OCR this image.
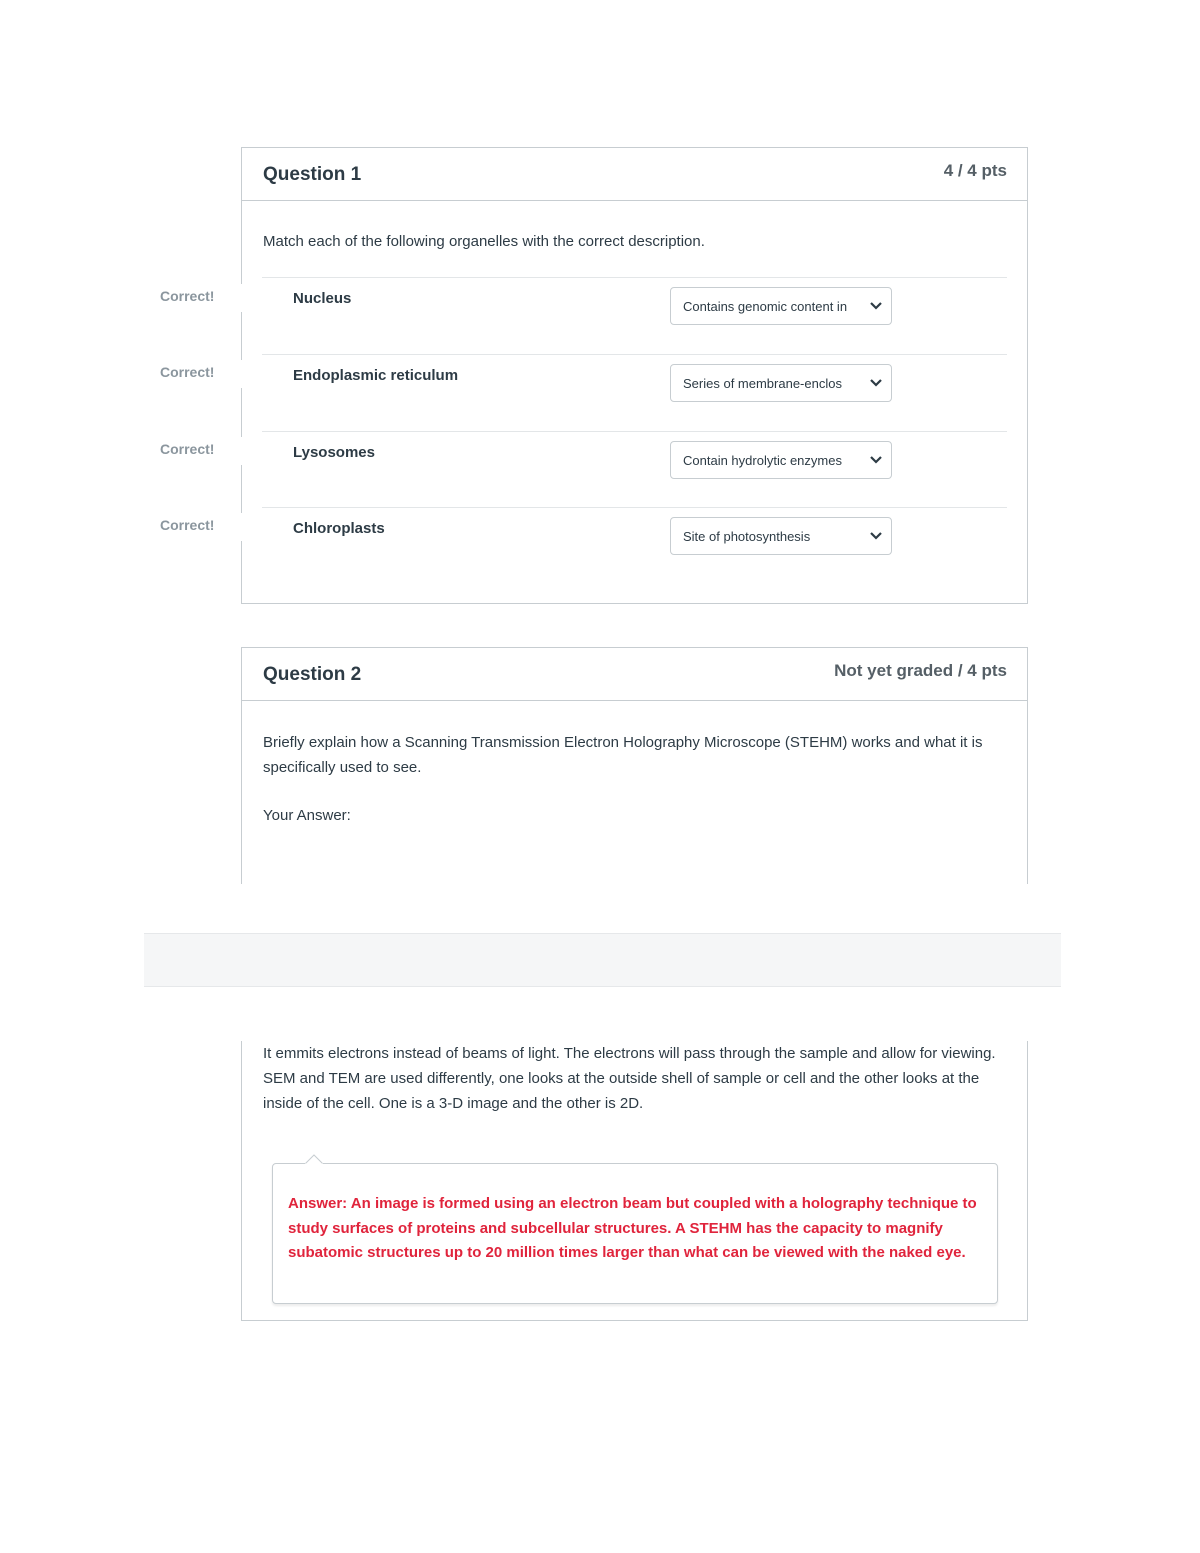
Correct!
Correct!
Correct!
Correct!
Question 1	4 / 4 pts
Match each of the following organelles with the correct description.
Nucleus	Contains genomic content in
Endoplasmic reticulum	Series of membrane-enclos
Lysosomes	Contain hydrolytic enzymes
Chloroplasts	Site of photosynthesis
Question 2	Not yet graded / 4 pts
Briefly explain how a Scanning Transmission Electron Holography Microscope (STEHM) works and what it is specifically used to see.
Your Answer:
It emmits electrons instead of beams of light. The electrons will pass through the sample and allow for viewing. SEM and TEM are used differently, one looks at the outside shell of sample or cell and the other looks at the inside of the cell. One is a 3-D image and the other is 2D.
Answer: An image is formed using an electron beam but coupled with a holography technique to study surfaces of proteins and subcellular structures. A STEHM has the capacity to magnify subatomic structures up to 20 million times larger than what can be viewed with the naked eye.
